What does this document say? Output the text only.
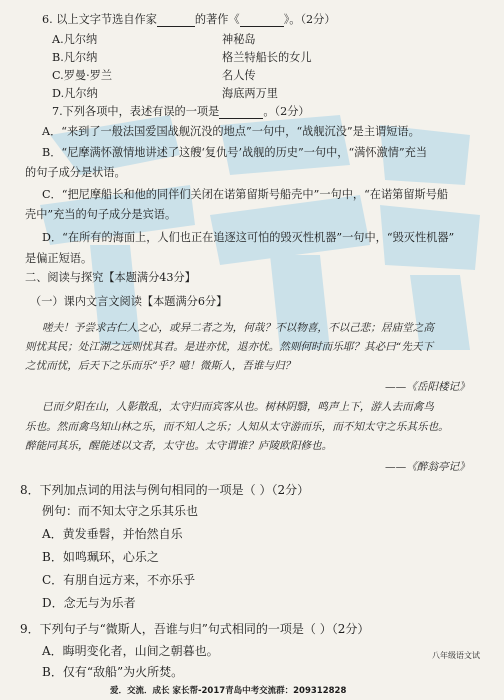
6. 以上文字节选自作家	的著作《	》。（2分）
A.凡尔纳	神秘岛
B.凡尔纳	格兰特船长的女儿
C.罗曼·罗兰	名人传
D.凡尔纳	海底两万里
7.下列各项中，表述有误的一项是	。（2分）
A．“来到了一般法国爱国战舰沉没的地点”一句中，“战舰沉没”是主谓短语。
B．“尼摩满怀激情地讲述了这艘‘复仇号’战舰的历史”一句中，“满怀激情”充当
的句子成分是状语。
C．“把尼摩船长和他的同伴们关闭在诺第留斯号船壳中”一句中，“在诺第留斯号船
壳中”充当的句子成分是宾语。
D．“在所有的海面上，人们也正在追逐这可怕的毁灭性机器”一句中，“毁灭性机器”
是偏正短语。
二、阅读与探究【本题满分43分】
（一）课内文言文阅读【本题满分6分】
嗟夫！予尝求古仁人之心，或异二者之为，何哉？不以物喜，不以己悲；居庙堂之高
则忧其民；处江湖之远则忧其君。是进亦忧，退亦忧。然则何时而乐耶？其必曰“先天下
之忧而忧，后天下之乐而乐”乎？噫！微斯人，吾谁与归？
——《岳阳楼记》
已而夕阳在山，人影散乱，太守归而宾客从也。树林阴翳，鸣声上下，游人去而禽鸟
乐也。然而禽鸟知山林之乐，而不知人之乐；人知从太守游而乐，而不知太守之乐其乐也。
醉能同其乐，醒能述以文者，太守也。太守谓谁？庐陵欧阳修也。
——《醉翁亭记》
8．下列加点词的用法与例句相同的一项是（ ）（2分）
例句：而不知太守之乐其乐也
A．黄发垂髫，并怡然自乐
B．如鸣珮环，心乐之
C．有朋自远方来，不亦乐乎
D．念无与为乐者
9．下列句子与“微斯人，吾谁与归”句式相同的一项是（ ）（2分）
A．晦明变化者，山间之朝暮也。
B．仅有“敌船”为火所焚。
八年级语文试
爱．交流．成长 家长帮-2017青岛中考交流群：209312828
